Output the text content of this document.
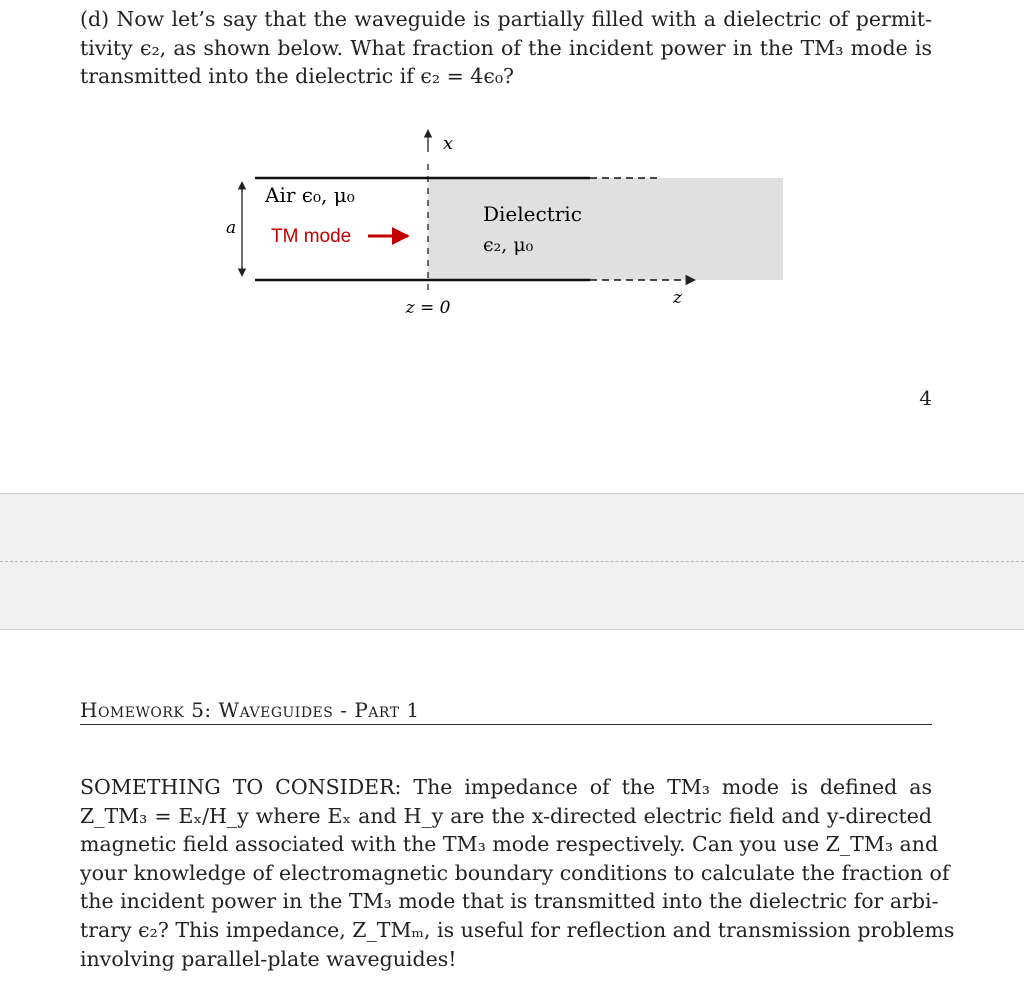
(d) Now let’s say that the waveguide is partially filled with a dielectric of permit-
tivity ϵ₂, as shown below. What fraction of the incident power in the TM₃ mode is
transmitted into the dielectric if ϵ₂ = 4ϵ₀?
x
z
z = 0
a
Air ϵ₀, μ₀
TM mode
Dielectric
ϵ₂, μ₀
4
Homework 5: Waveguides - Part 1
SOMETHING TO CONSIDER: The impedance of the TM₃ mode is defined as
Z_TM₃ = Eₓ/H_y where Eₓ and H_y are the x-directed electric field and y-directed
magnetic field associated with the TM₃ mode respectively. Can you use Z_TM₃ and
your knowledge of electromagnetic boundary conditions to calculate the fraction of
the incident power in the TM₃ mode that is transmitted into the dielectric for arbi-
trary ϵ₂? This impedance, Z_TMₘ, is useful for reflection and transmission problems
involving parallel-plate waveguides!
